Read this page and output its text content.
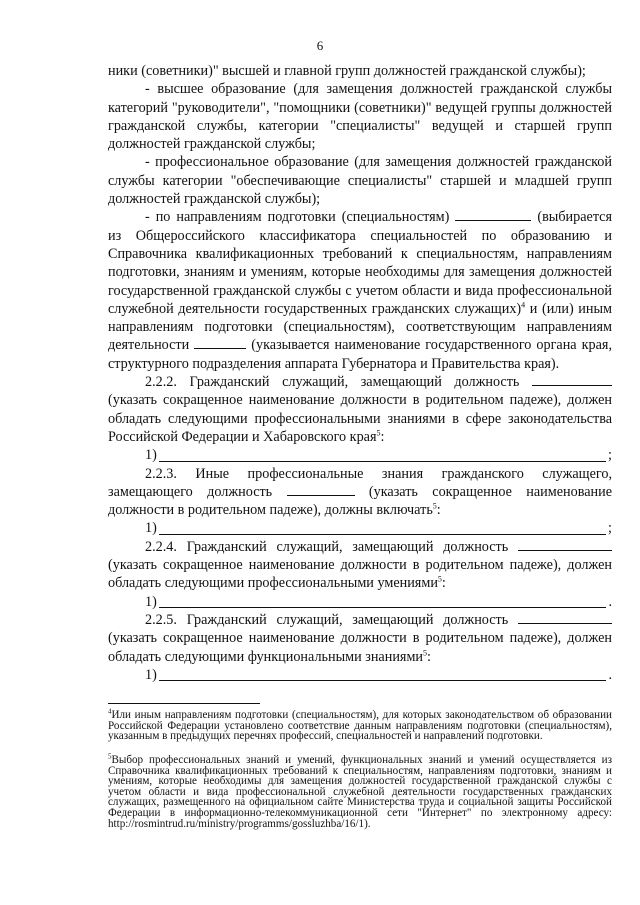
6

ники (советники)" высшей и главной групп должностей гражданской службы);

- высшее образование (для замещения должностей гражданской службы категорий "руководители", "помощники (советники)" ведущей группы должностей гражданской службы, категории "специалисты" ведущей и старшей групп должностей гражданской службы;

- профессиональное образование (для замещения должностей гражданской службы категории "обеспечивающие специалисты" старшей и младшей групп должностей гражданской службы);

- по направлениям подготовки (специальностям)	(выбирается из Общероссийского классификатора специальностей по образованию и Справочника квалификационных требований к специальностям, направлениям подготовки, знаниям и умениям, которые необходимы для замещения должностей государственной гражданской службы с учетом области и вида профессиональной служебной деятельности государственных гражданских служащих)$^4$ и (или) иным направлениям подготовки (специальностям), соответствующим направлениям деятельности	(указывается наименование государственного органа края, структурного подразделения аппарата Губернатора и Правительства края).

2.2.2. Гражданский служащий, замещающий должность  (указать сокращенное наименование должности в родительном падеже), должен обладать следующими профессиональными знаниями в сфере законодательства Российской Федерации и Хабаровского края$^5$:

1)	;

2.2.3. Иные профессиональные знания гражданского служащего, замещающего должность	(указать сокращенное наименование должности в родительном падеже), должны включать$^5$:

1)	;

2.2.4. Гражданский служащий, замещающий должность  (указать сокращенное наименование должности в родительном падеже), должен обладать следующими профессиональными умениями$^5$:

1)	.

2.2.5. Гражданский служащий, замещающий должность  (указать сокращенное наименование должности в родительном падеже), должен обладать следующими функциональными знаниями$^5$:

1)	.

$^4$Или иным направлениям подготовки (специальностям), для которых законодательством об образовании Российской Федерации установлено соответствие данным направлениям подготовки (специальностям), указанным в предыдущих перечнях профессий, специальностей и направлений подготовки.

$^5$Выбор профессиональных знаний и умений, функциональных знаний и умений осуществляется из Справочника квалификационных требований к специальностям, направлениям подготовки, знаниям и умениям, которые необходимы для замещения должностей государственной гражданской службы с учетом области и вида профессиональной служебной деятельности государственных гражданских служащих, размещенного на официальном сайте Министерства труда и социальной защиты Российской Федерации в информационно-телекоммуникационной сети "Интернет" по электронному адресу: http://rosmintrud.ru/ministry/programms/gossluzhba/16/1).
